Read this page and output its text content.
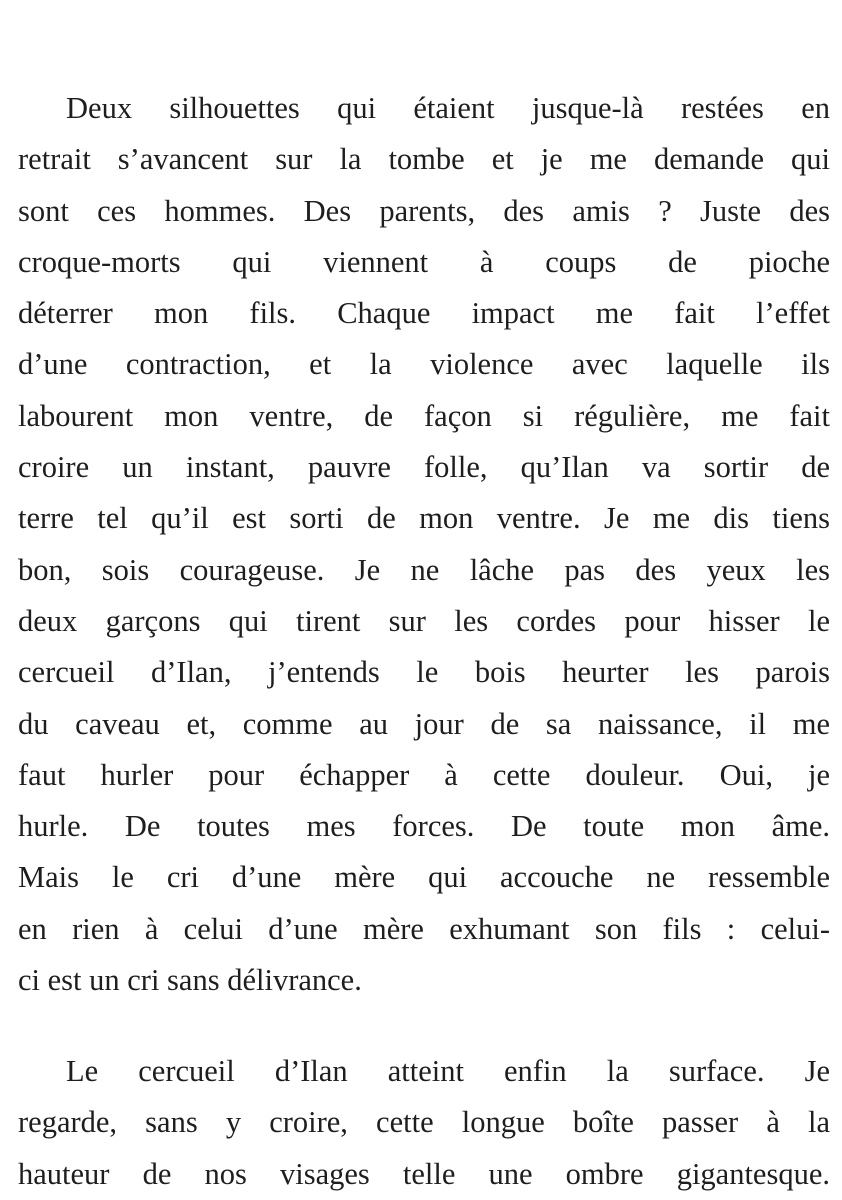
Deux silhouettes qui étaient jusque-là restées en
retrait s’avancent sur la tombe et je me demande qui
sont ces hommes. Des parents, des amis ? Juste des
croque-morts qui viennent à coups de pioche
déterrer mon fils. Chaque impact me fait l’effet
d’une contraction, et la violence avec laquelle ils
labourent mon ventre, de façon si régulière, me fait
croire un instant, pauvre folle, qu’Ilan va sortir de
terre tel qu’il est sorti de mon ventre. Je me dis tiens
bon, sois courageuse. Je ne lâche pas des yeux les
deux garçons qui tirent sur les cordes pour hisser le
cercueil d’Ilan, j’entends le bois heurter les parois
du caveau et, comme au jour de sa naissance, il me
faut hurler pour échapper à cette douleur. Oui, je
hurle. De toutes mes forces. De toute mon âme.
Mais le cri d’une mère qui accouche ne ressemble
en rien à celui d’une mère exhumant son fils : celui-
ci est un cri sans délivrance.

Le cercueil d’Ilan atteint enfin la surface. Je
regarde, sans y croire, cette longue boîte passer à la
hauteur de nos visages telle une ombre gigantesque.
